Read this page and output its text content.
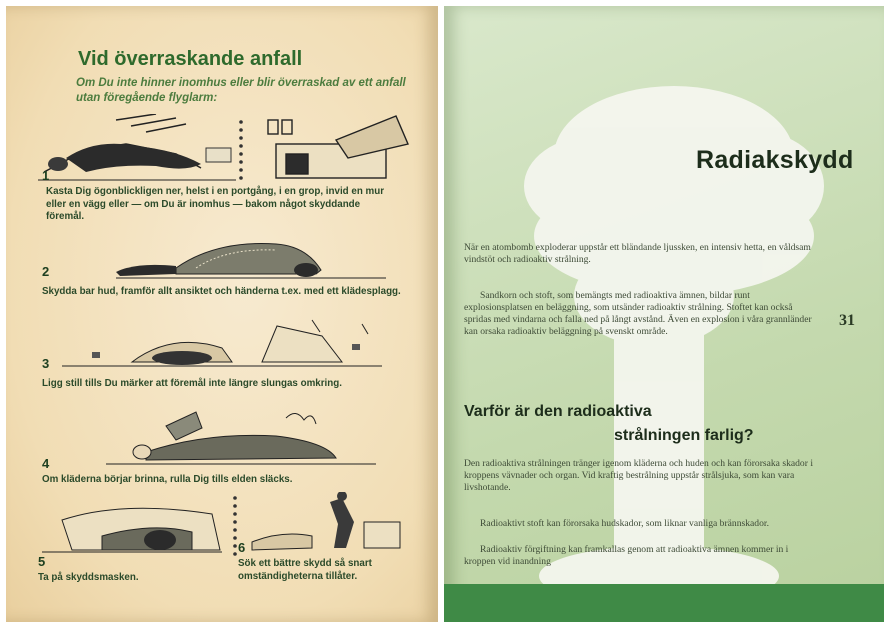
Vid överraskande anfall

Om Du inte hinner inomhus eller blir överraskad av ett anfall utan föregående flyglarm:

1

Kasta Dig ögonblickligen ner, helst i en portgång, i en grop, invid en mur eller en vägg eller — om Du är inomhus — bakom något skyddande föremål.

2

Skydda bar hud, framför allt ansiktet och händerna t.ex. med ett klädesplagg.

3

Ligg still tills Du märker att föremål inte längre slungas omkring.

4

Om kläderna börjar brinna, rulla Dig tills elden släcks.

5

Ta på skyddsmasken.

6

Sök ett bättre skydd så snart omständigheterna tillåter.

Radiakskydd

När en atombomb exploderar uppstår ett bländande ljussken, en intensiv hetta, en våldsam vindstöt och radioaktiv strålning.

Sandkorn och stoft, som bemängts med radioaktiva ämnen, bildar runt explosionsplatsen en beläggning, som utsänder radioaktiv strålning. Stoftet kan också spridas med vindarna och falla ned på långt avstånd. Även en explosion i våra grannländer kan orsaka radioaktiv beläggning på svenskt område.

Varför är den radioaktiva
strålningen farlig?

Den radioaktiva strålningen tränger igenom kläderna och huden och kan förorsaka skador i kroppens vävnader och organ. Vid kraftig bestrålning uppstår strålsjuka, som kan vara livshotande.

Radioaktivt stoft kan förorsaka hudskador, som liknar vanliga brännskador.

Radioaktiv förgiftning kan framkallas genom att radioaktiva ämnen kommer in i kroppen vid inandning

31
